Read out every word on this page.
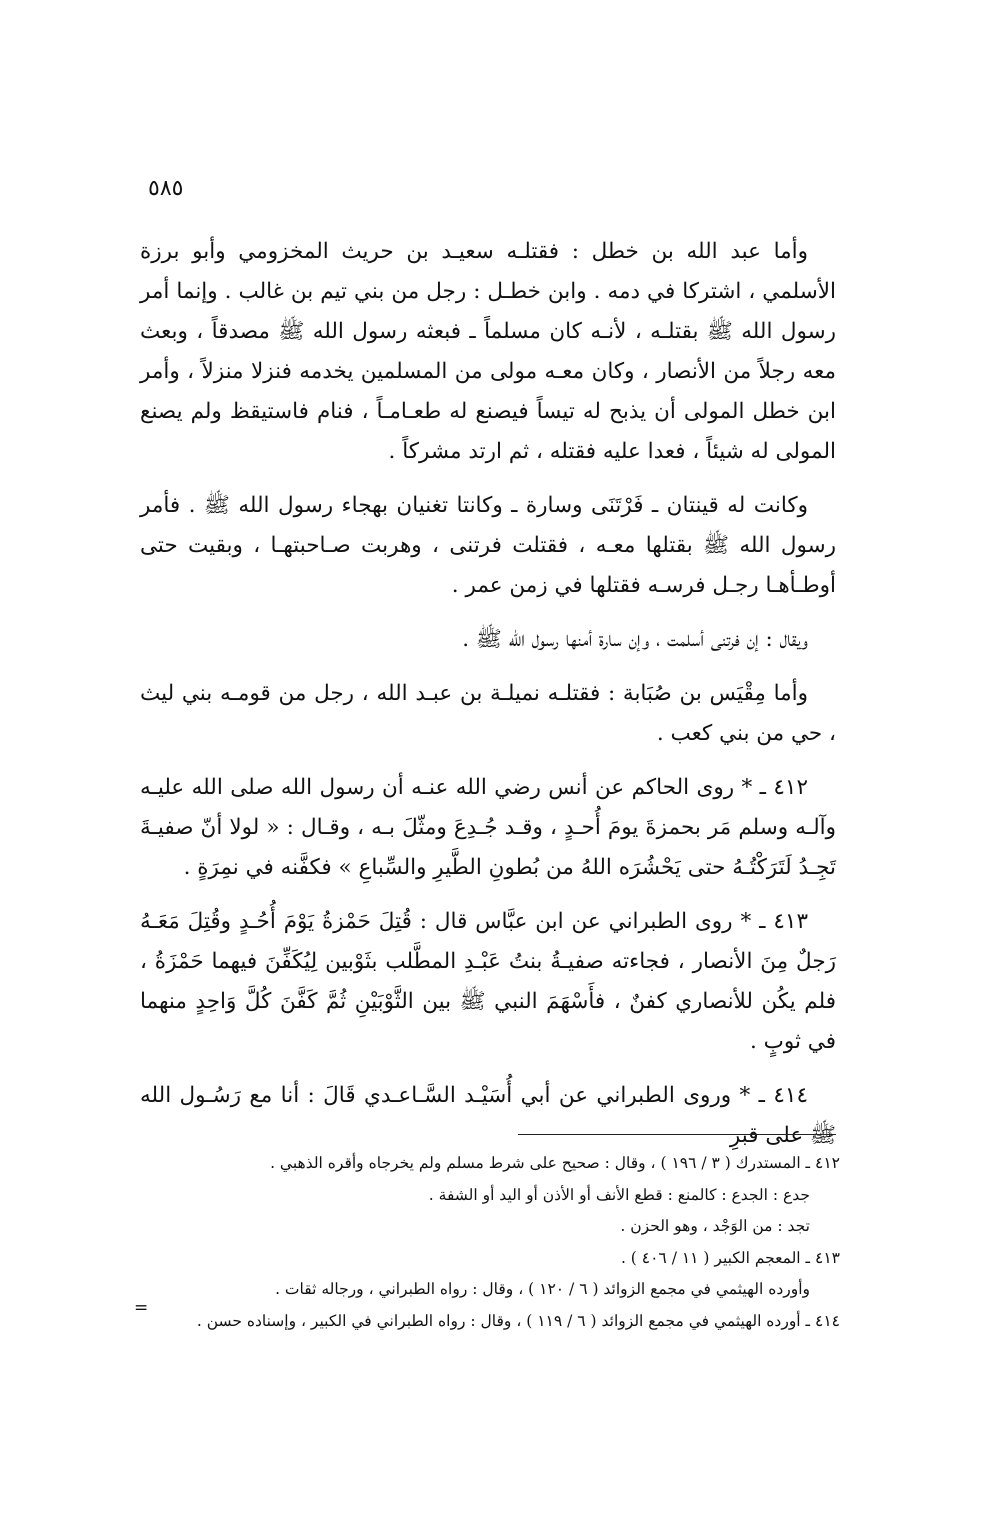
٥٨٥

وأما عبد الله بن خطل : فقتلـه سعيـد بن حريث المخزومي وأبو برزة الأسلمي ، اشتركا في دمه . وابن خطـل : رجل من بني تيم بن غالب . وإنما أمر رسول الله ﷺ بقتلـه ، لأنـه كان مسلماً ـ فبعثه رسول الله ﷺ مصدقاً ، وبعث معه رجلاً من الأنصار ، وكان معـه مولى من المسلمين يخدمه فنزلا منزلاً ، وأمر ابن خطل المولى أن يذبح له تيساً فيصنع له طعـامـاً ، فنام فاستيقظ ولم يصنع المولى له شيئاً ، فعدا عليه فقتله ، ثم ارتد مشركاً .

وكانت له قينتان ـ فَرْتَنَى وسارة ـ وكانتا تغنيان بهجاء رسول الله ﷺ . فأمر رسول الله ﷺ بقتلها معـه ، فقتلت فرتنى ، وهربت صـاحبتهـا ، وبقيت حتى أوطـأهـا رجـل فرسـه فقتلها في زمن عمر .

ويقال : إن فرتنى أسلمت ، وإن سارة أمنها رسول الله ﷺ .

وأما مِقْيَس بن صُبَابة : فقتلـه نميلـة بن عبـد الله ، رجل من قومـه بني ليث ، حي من بني كعب .

٤١٢ ـ * روى الحاكم عن أنس رضي الله عنـه أن رسول الله صلى الله عليـه وآلـه وسلم مَر بحمزةَ يومَ أُحـدٍ ، وقـد جُـدِعَ ومثّلَ بـه ، وقـال : « لولا أنّ صفيـةَ تَجِـدُ لَتَرَكْتُـهُ حتى يَحْشُرَه اللهُ من بُطونِ الطَّيرِ والسِّباعِ » فكفَّنه في نمِرَةٍ .

٤١٣ ـ * روى الطبراني عن ابن عبَّاس قال : قُتِلَ حَمْزةُ يَوْمَ أُحُـدٍ وقُتِلَ مَعَـهُ رَجلٌ مِنَ الأنصار ، فجاءته صفيـةُ بنتُ عَبْـدِ المطَّلب بثَوْبين لِيُكَفِّنَ فيهما حَمْزَةُ ، فلم يكُن للأنصاري كفنٌ ، فأَسْهَمَ النبي ﷺ بين الثَّوْبَيْنِ ثُمَّ كَفَّنَ كُلَّ وَاحِدٍ منهما في ثوبٍ .

٤١٤ ـ * وروى الطبراني عن أبي أُسَيْـد السَّـاعـدي قَالَ : أنا مع رَسُـول الله ﷺ على قبرِ

٤١٢ ـ المستدرك ( ٣ / ١٩٦ ) ، وقال : صحيح على شرط مسلم ولم يخرجاه وأقره الذهبي .

جدع : الجدع : كالمنع : قطع الأنف أو الأذن أو اليد أو الشفة .

تجد : من الوَجْد ، وهو الحزن .

٤١٣ ـ المعجم الكبير ( ١١ / ٤٠٦ ) .

وأورده الهيثمي في مجمع الزوائد ( ٦ / ١٢٠ ) ، وقال : رواه الطبراني ، ورجاله ثقات .

٤١٤ ـ أورده الهيثمي في مجمع الزوائد ( ٦ / ١١٩ ) ، وقال : رواه الطبراني في الكبير ، وإسناده حسن .

=
